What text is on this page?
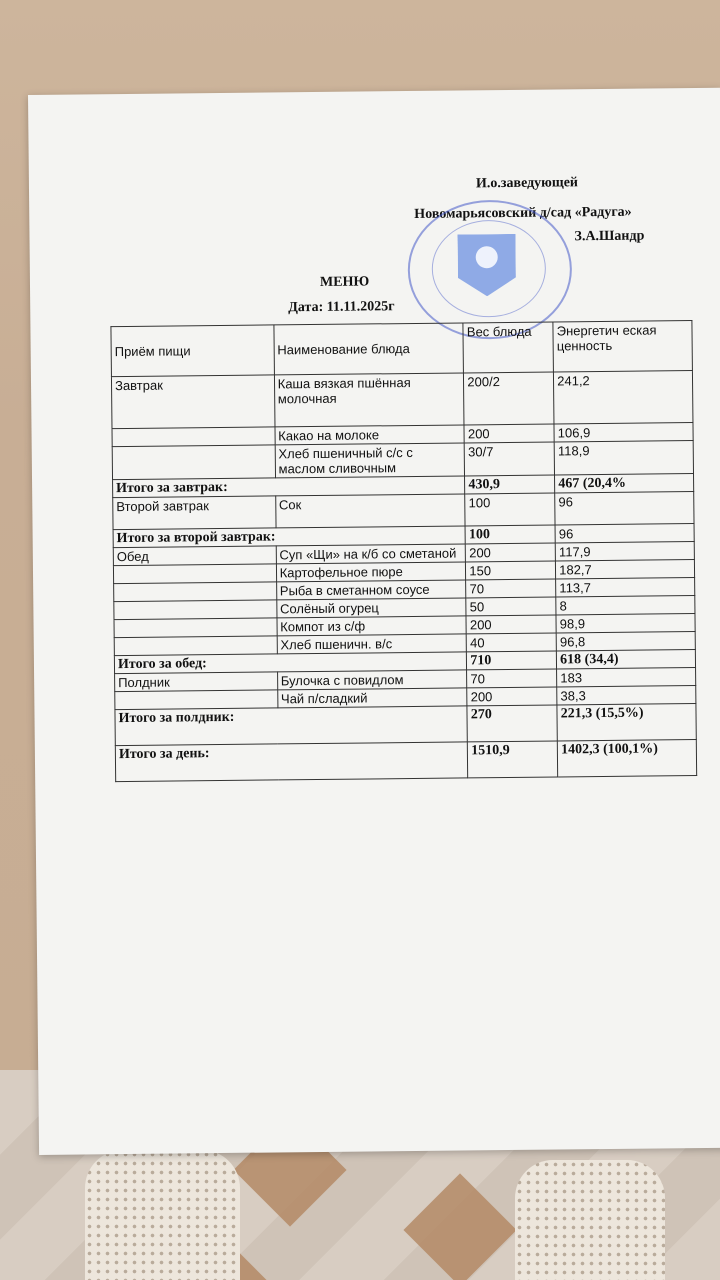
И.о.заведующей
Новомарьясовский д/сад «Радуга»
З.А.Шандр
МЕНЮ
Дата: 11.11.2025г
Приём пищи	Наименование блюда	Вес блюда	Энергетич еская ценность
Завтрак	Каша вязкая пшённая молочная	200/2	241,2
	Какао на молоке	200	106,9
	Хлеб пшеничный с/с с маслом сливочным	30/7	118,9
Итого за завтрак:		430,9	467 (20,4%
Второй завтрак	Сок	100	96
Итого за второй завтрак:		100	96
Обед	Суп «Щи» на к/б со сметаной	200	117,9
	Картофельное пюре	150	182,7
	Рыба в сметанном соусе	70	113,7
	Солёный огурец	50	8
	Компот из с/ф	200	98,9
	Хлеб пшеничн. в/с	40	96,8
Итого за обед:		710	618 (34,4)
Полдник	Булочка с повидлом	70	183
	Чай п/сладкий	200	38,3
Итого за полдник:		270	221,3 (15,5%)
Итого за день:		1510,9	1402,3 (100,1%)
